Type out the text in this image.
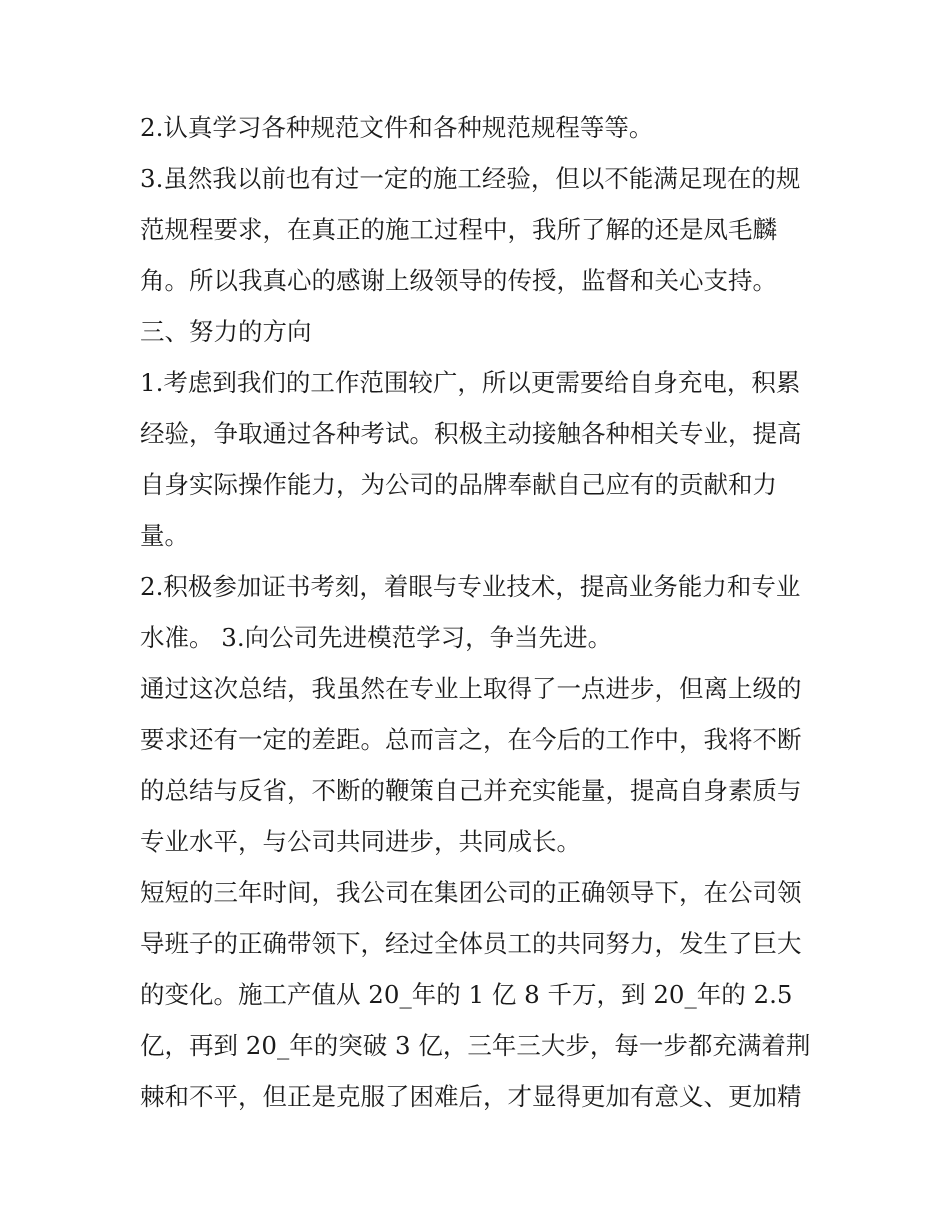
2.认真学习各种规范文件和各种规范规程等等。
3.虽然我以前也有过一定的施工经验，但以不能满足现在的规
范规程要求，在真正的施工过程中，我所了解的还是凤毛麟
角。所以我真心的感谢上级领导的传授，监督和关心支持。
三、努力的方向
1.考虑到我们的工作范围较广，所以更需要给自身充电，积累
经验，争取通过各种考试。积极主动接触各种相关专业，提高
自身实际操作能力，为公司的品牌奉献自己应有的贡献和力
量。
2.积极参加证书考刻，着眼与专业技术，提高业务能力和专业
水准。 3.向公司先进模范学习，争当先进。
通过这次总结，我虽然在专业上取得了一点进步，但离上级的
要求还有一定的差距。总而言之，在今后的工作中，我将不断
的总结与反省，不断的鞭策自己并充实能量，提高自身素质与
专业水平，与公司共同进步，共同成长。
短短的三年时间，我公司在集团公司的正确领导下，在公司领
导班子的正确带领下，经过全体员工的共同努力，发生了巨大
的变化。施工产值从 20_年的 1 亿 8 千万，到 20_年的 2.5
亿，再到 20_年的突破 3 亿，三年三大步，每一步都充满着荆
棘和不平，但正是克服了困难后，才显得更加有意义、更加精
